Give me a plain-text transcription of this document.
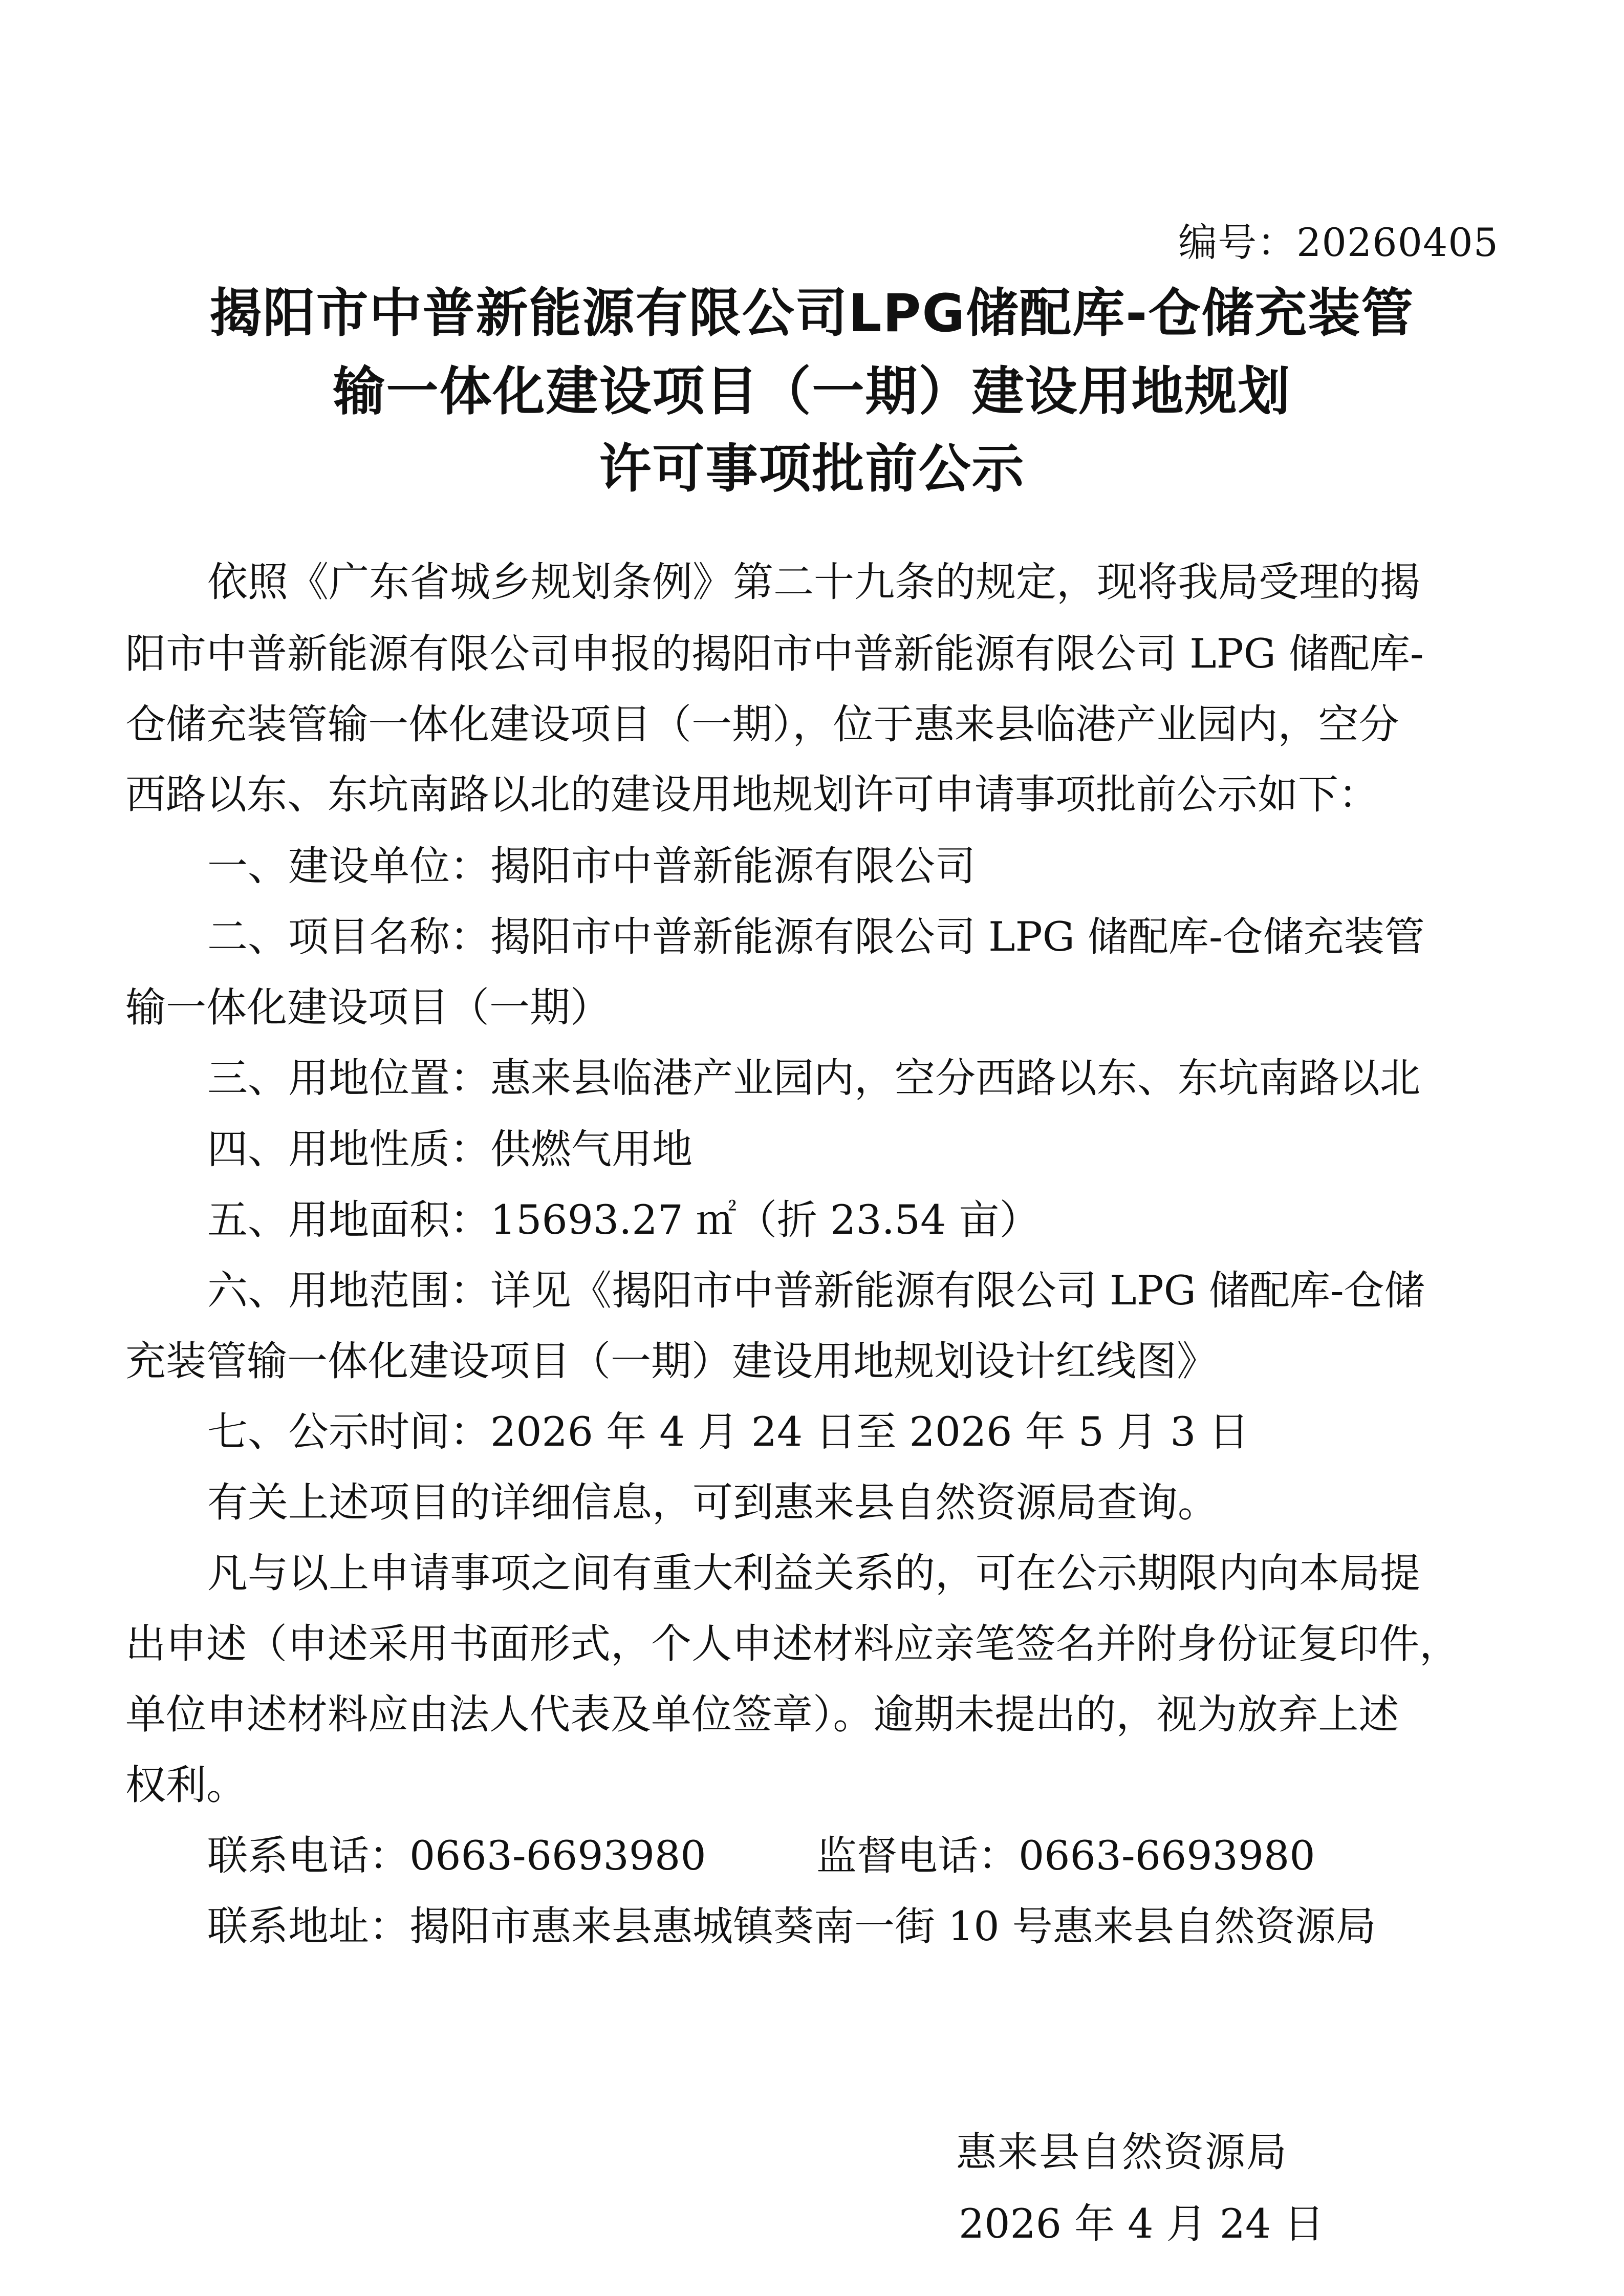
编号：20260405
揭阳市中普新能源有限公司LPG储配库-仓储充装管
输一体化建设项目（一期）建设用地规划
许可事项批前公示
依照《广东省城乡规划条例》第二十九条的规定，现将我局受理的揭
阳市中普新能源有限公司申报的揭阳市中普新能源有限公司 LPG 储配库-
仓储充装管输一体化建设项目（一期），位于惠来县临港产业园内，空分
西路以东、东坑南路以北的建设用地规划许可申请事项批前公示如下：
一、建设单位：揭阳市中普新能源有限公司
二、项目名称：揭阳市中普新能源有限公司 LPG 储配库-仓储充装管
输一体化建设项目（一期）
三、用地位置：惠来县临港产业园内，空分西路以东、东坑南路以北
四、用地性质：供燃气用地
五、用地面积：15693.27 ㎡（折 23.54 亩）
六、用地范围：详见《揭阳市中普新能源有限公司 LPG 储配库-仓储
充装管输一体化建设项目（一期）建设用地规划设计红线图》
七、公示时间：2026 年 4 月 24 日至 2026 年 5 月 3 日
有关上述项目的详细信息，可到惠来县自然资源局查询。
凡与以上申请事项之间有重大利益关系的，可在公示期限内向本局提
出申述（申述采用书面形式，个人申述材料应亲笔签名并附身份证复印件，
单位申述材料应由法人代表及单位签章）。逾期未提出的，视为放弃上述
权利。
联系电话：0663-6693980	监督电话：0663-6693980
联系地址：揭阳市惠来县惠城镇葵南一街 10 号惠来县自然资源局
惠来县自然资源局
2026 年 4 月 24 日
